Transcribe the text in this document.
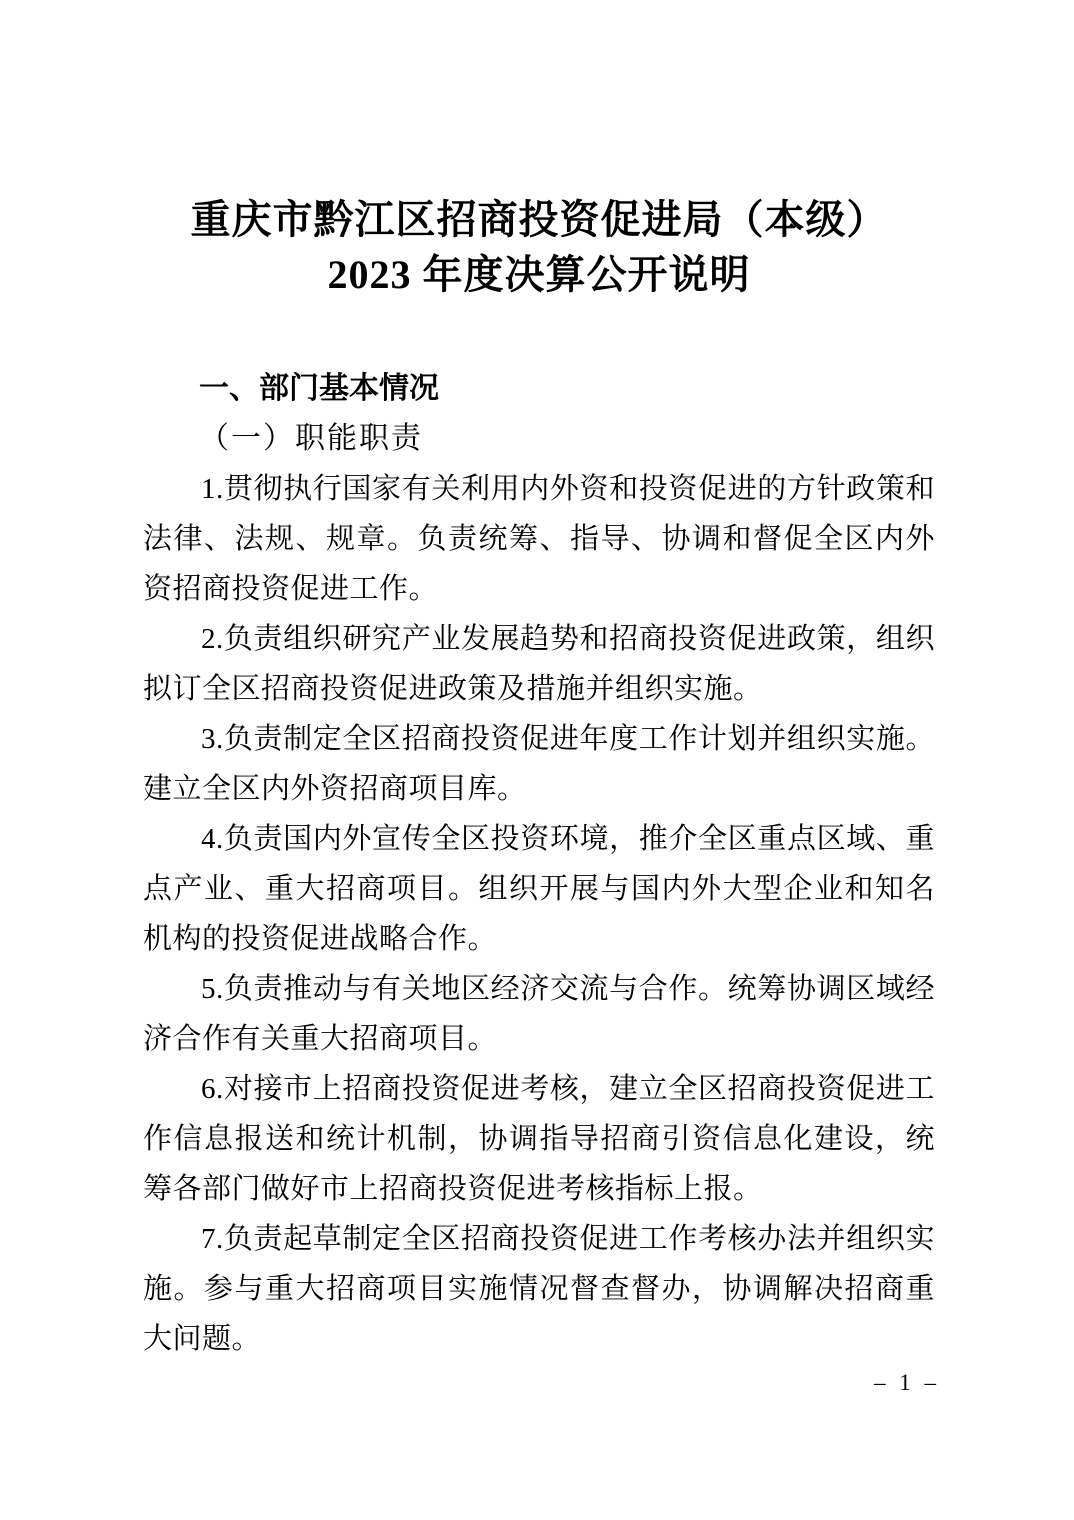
重庆市黔江区招商投资促进局（本级）
2023 年度决算公开说明
一、部门基本情况
（一）职能职责

1.贯彻执行国家有关利用内外资和投资促进的方针政策和法律、法规、规章。负责统筹、指导、协调和督促全区内外资招商投资促进工作。

2.负责组织研究产业发展趋势和招商投资促进政策，组织拟订全区招商投资促进政策及措施并组织实施。

3.负责制定全区招商投资促进年度工作计划并组织实施。建立全区内外资招商项目库。

4.负责国内外宣传全区投资环境，推介全区重点区域、重点产业、重大招商项目。组织开展与国内外大型企业和知名机构的投资促进战略合作。

5.负责推动与有关地区经济交流与合作。统筹协调区域经济合作有关重大招商项目。

6.对接市上招商投资促进考核，建立全区招商投资促进工作信息报送和统计机制，协调指导招商引资信息化建设，统筹各部门做好市上招商投资促进考核指标上报。

7.负责起草制定全区招商投资促进工作考核办法并组织实施。参与重大招商项目实施情况督查督办，协调解决招商重大问题。

– 1 –
